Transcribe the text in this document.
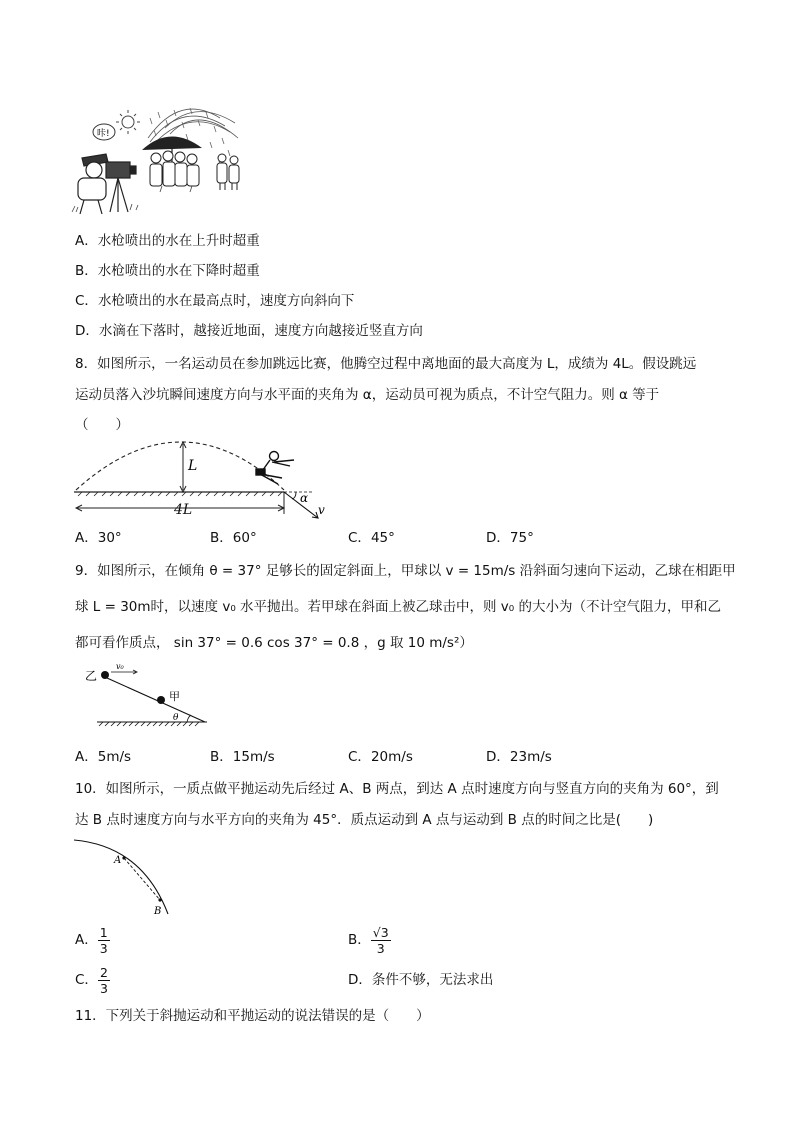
咔!
A．水枪喷出的水在上升时超重
B．水枪喷出的水在下降时超重
C．水枪喷出的水在最高点时，速度方向斜向下
D．水滴在下落时，越接近地面，速度方向越接近竖直方向
8．如图所示，一名运动员在参加跳远比赛，他腾空过程中离地面的最大高度为 L，成绩为 4L。假设跳远
运动员落入沙坑瞬间速度方向与水平面的夹角为 α，运动员可视为质点，不计空气阻力。则 α 等于
（　　）
L
4L
α
v
A．30°	B．60°	C．45°	D．75°
9．如图所示，在倾角 θ = 37° 足够长的固定斜面上，甲球以 v = 15m/s 沿斜面匀速向下运动，乙球在相距甲
球 L = 30m时，以速度 v₀ 水平抛出。若甲球在斜面上被乙球击中，则 v₀ 的大小为（不计空气阻力，甲和乙
都可看作质点， sin 37° = 0.6 cos 37° = 0.8 ，g 取 10 m/s²）
乙
v₀
甲
θ
A．5m/s	B．15m/s	C．20m/s	D．23m/s
10．如图所示，一质点做平抛运动先后经过 A、B 两点，到达 A 点时速度方向与竖直方向的夹角为 60°，到
达 B 点时速度方向与水平方向的夹角为 45°．质点运动到 A 点与运动到 B 点的时间之比是(　　)
A
B
A． $\frac{1}{3}$	B． $\frac{√3}{3}$
C． $\frac{2}{3}$	D．条件不够，无法求出
11．下列关于斜抛运动和平抛运动的说法错误的是（　　）
